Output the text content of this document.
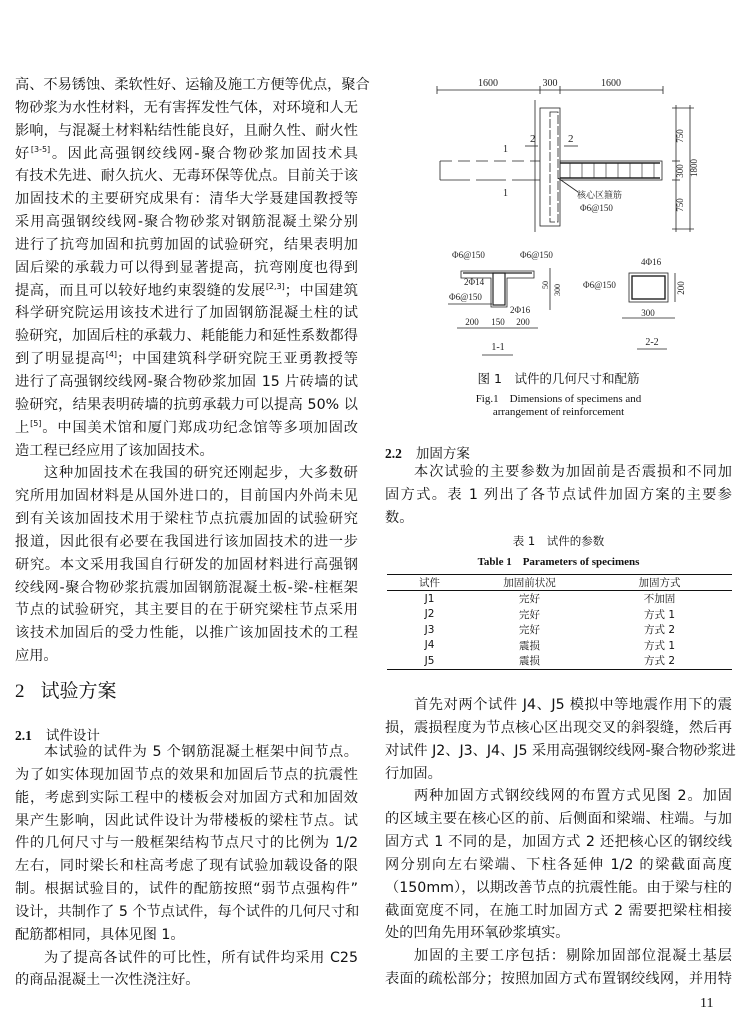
高、不易锈蚀、柔软性好、运输及施工方便等优点，聚合
物砂浆为水性材料，无有害挥发性气体，对环境和人无
影响，与混凝土材料粘结性能良好，且耐久性、耐火性
好[3-5]。因此高强钢绞线网-聚合物砂浆加固技术具
有技术先进、耐久抗火、无毒环保等优点。目前关于该
加固技术的主要研究成果有：清华大学聂建国教授等
采用高强钢绞线网-聚合物砂浆对钢筋混凝土梁分别
进行了抗弯加固和抗剪加固的试验研究，结果表明加
固后梁的承载力可以得到显著提高，抗弯刚度也得到
提高，而且可以较好地约束裂缝的发展[2,3]；中国建筑
科学研究院运用该技术进行了加固钢筋混凝土柱的试
验研究，加固后柱的承载力、耗能能力和延性系数都得
到了明显提高[4]；中国建筑科学研究院王亚勇教授等
进行了高强钢绞线网-聚合物砂浆加固 15 片砖墙的试
验研究，结果表明砖墙的抗剪承载力可以提高 50% 以
上[5]。中国美术馆和厦门郑成功纪念馆等多项加固改
造工程已经应用了该加固技术。
这种加固技术在我国的研究还刚起步，大多数研
究所用加固材料是从国外进口的，目前国内外尚未见
到有关该加固技术用于梁柱节点抗震加固的试验研究
报道，因此很有必要在我国进行该加固技术的进一步
研究。本文采用我国自行研发的加固材料进行高强钢
绞线网-聚合物砂浆抗震加固钢筋混凝土板-梁-柱框架
节点的试验研究，其主要目的在于研究梁柱节点采用
该技术加固后的受力性能，以推广该加固技术的工程
应用。
2 试验方案
2.1 试件设计
本试验的试件为 5 个钢筋混凝土框架中间节点。
为了如实体现加固节点的效果和加固后节点的抗震性
能，考虑到实际工程中的楼板会对加固方式和加固效
果产生影响，因此试件设计为带楼板的梁柱节点。试
件的几何尺寸与一般框架结构节点尺寸的比例为 1/2
左右，同时梁长和柱高考虑了现有试验加载设备的限
制。根据试验目的，试件的配筋按照“弱节点强构件”
设计，共制作了 5 个节点试件，每个试件的几何尺寸和
配筋都相同，具体见图 1。
为了提高各试件的可比性，所有试件均采用 C25
的商品混凝土一次性浇注好。
1600	300	1600
2	2
1
1	核心区箍筋
Φ6@150
750
300 1800
750
Φ6@150	Φ6@150
2Φ14
Φ6@150
2Φ16
50 300
200 150 200
1-1
4Φ16
Φ6@150	200
300
2-2
图 1　试件的几何尺寸和配筋
Fig.1　Dimensions of specimens and
arrangement of reinforcement
2.2 加固方案
本次试验的主要参数为加固前是否震损和不同加
固方式。表 1 列出了各节点试件加固方案的主要参
数。
表 1　试件的参数
Table 1　Parameters of specimens
试件	加固前状况	加固方式
J1	完好	不加固
J2	完好	方式 1
J3	完好	方式 2
J4	震损	方式 1
J5	震损	方式 2
首先对两个试件 J4、J5 模拟中等地震作用下的震
损，震损程度为节点核心区出现交叉的斜裂缝，然后再
对试件 J2、J3、J4、J5 采用高强钢绞线网-聚合物砂浆进
行加固。
两种加固方式钢绞线网的布置方式见图 2。加固
的区域主要在核心区的前、后侧面和梁端、柱端。与加
固方式 1 不同的是，加固方式 2 还把核心区的钢绞线
网分别向左右梁端、下柱各延伸 1/2 的梁截面高度
（150mm），以期改善节点的抗震性能。由于梁与柱的
截面宽度不同，在施工时加固方式 2 需要把梁柱相接
处的凹角先用环氧砂浆填实。
加固的主要工序包括：剔除加固部位混凝土基层
表面的疏松部分；按照加固方式布置钢绞线网，并用特
11
